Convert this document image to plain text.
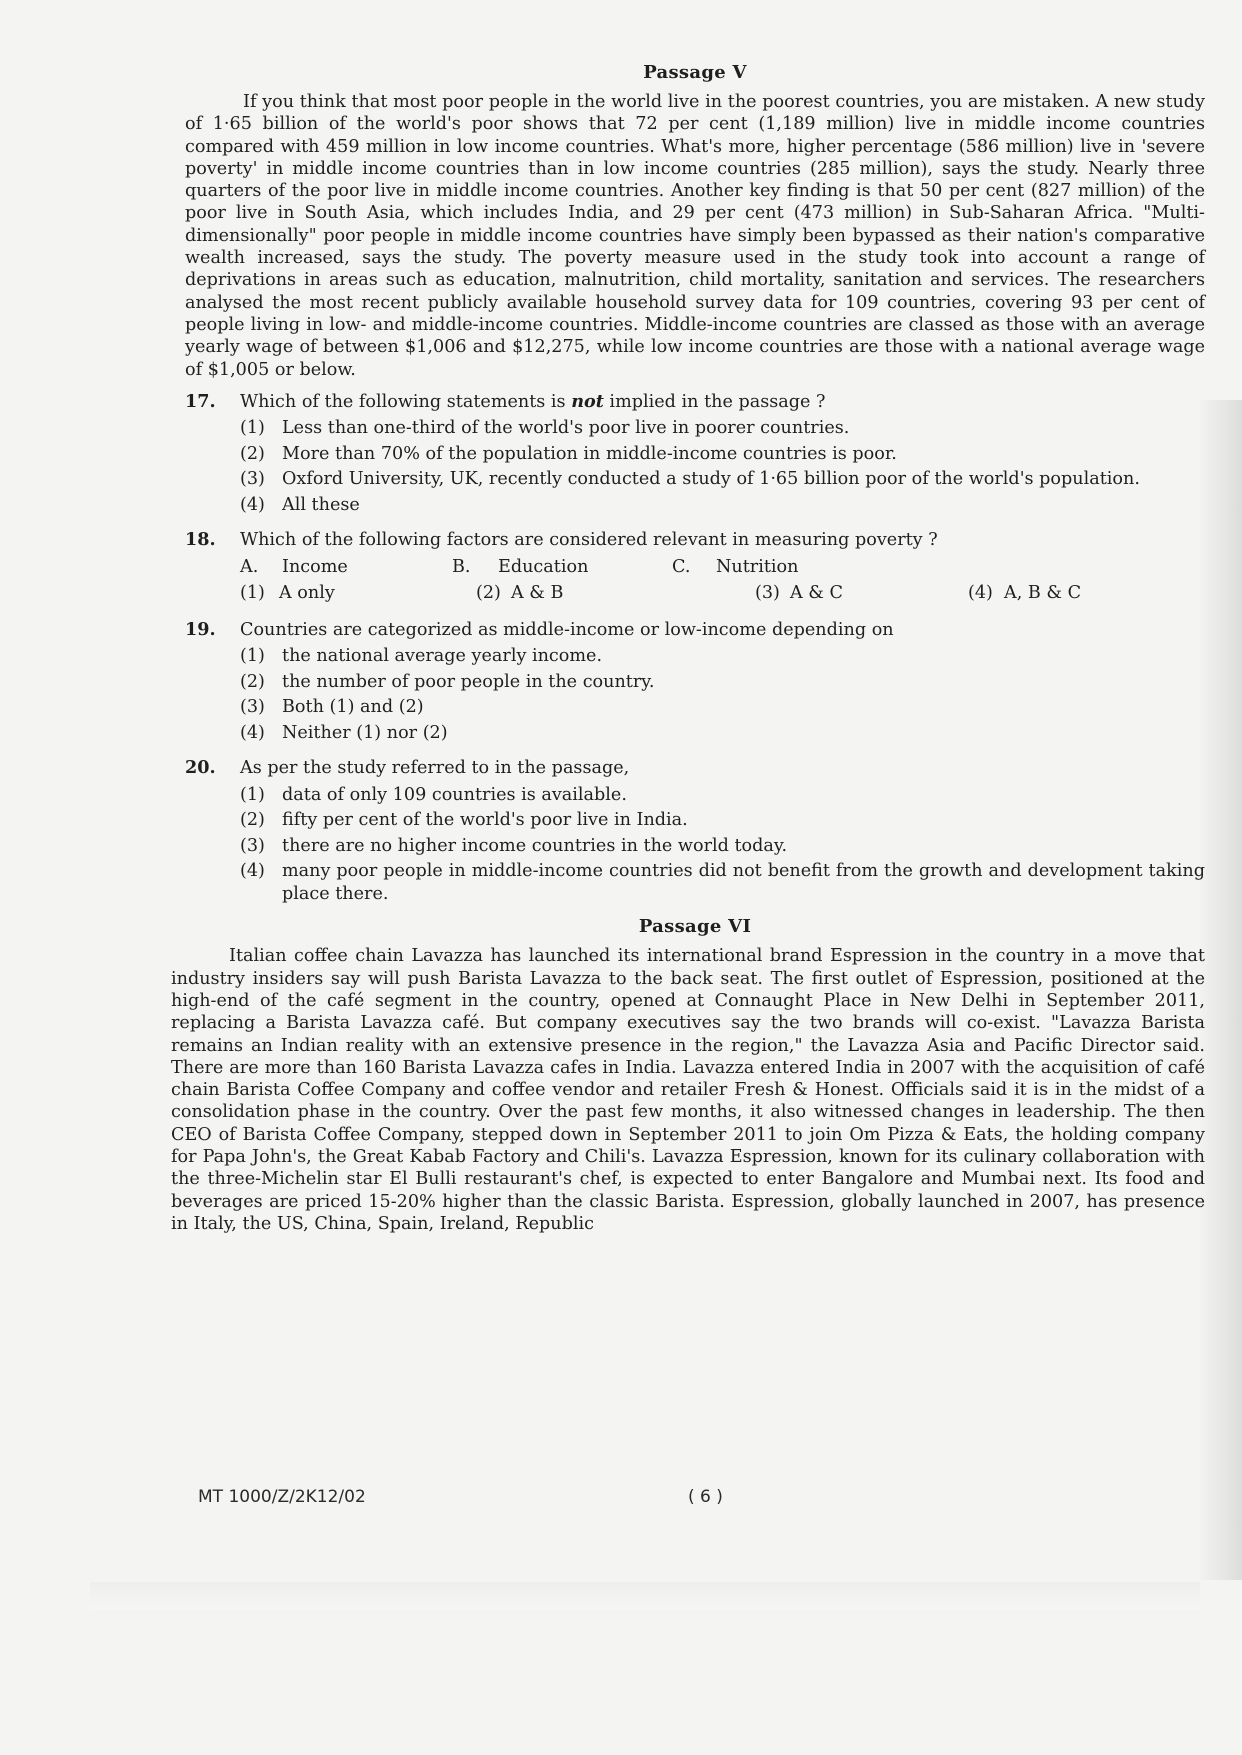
Passage V

If you think that most poor people in the world live in the poorest countries, you are mistaken. A new study of 1·65 billion of the world's poor shows that 72 per cent (1,189 million) live in middle income countries compared with 459 million in low income countries. What's more, higher percentage (586 million) live in 'severe poverty' in middle income countries than in low income countries (285 million), says the study. Nearly three quarters of the poor live in middle income countries. Another key finding is that 50 per cent (827 million) of the poor live in South Asia, which includes India, and 29 per cent (473 million) in Sub-Saharan Africa. "Multi-dimensionally" poor people in middle income countries have simply been bypassed as their nation's comparative wealth increased, says the study. The poverty measure used in the study took into account a range of deprivations in areas such as education, malnutrition, child mortality, sanitation and services. The researchers analysed the most recent publicly available household survey data for 109 countries, covering 93 per cent of people living in low- and middle-income countries. Middle-income countries are classed as those with an average yearly wage of between $1,006 and $12,275, while low income countries are those with a national average wage of $1,005 or below.

17.	Which of the following statements is not implied in the passage ?
(1) Less than one-third of the world's poor live in poorer countries.
(2) More than 70% of the population in middle-income countries is poor.
(3) Oxford University, UK, recently conducted a study of 1·65 billion poor of the world's population.
(4) All these
18.	Which of the following factors are considered relevant in measuring poverty ?
A.	Income	B.	Education	C.	Nutrition
(1) A only	(2) A & B	(3) A & C	(4) A, B & C
19.	Countries are categorized as middle-income or low-income depending on
(1) the national average yearly income.
(2) the number of poor people in the country.
(3) Both (1) and (2)
(4) Neither (1) nor (2)
20.	As per the study referred to in the passage,
(1) data of only 109 countries is available.
(2) fifty per cent of the world's poor live in India.
(3) there are no higher income countries in the world today.
(4) many poor people in middle-income countries did not benefit from the growth and development taking place there.
Passage VI

Italian coffee chain Lavazza has launched its international brand Espression in the country in a move that industry insiders say will push Barista Lavazza to the back seat. The first outlet of Espression, positioned at the high-end of the café segment in the country, opened at Connaught Place in New Delhi in September 2011, replacing a Barista Lavazza café. But company executives say the two brands will co-exist. "Lavazza Barista remains an Indian reality with an extensive presence in the region," the Lavazza Asia and Pacific Director said. There are more than 160 Barista Lavazza cafes in India. Lavazza entered India in 2007 with the acquisition of café chain Barista Coffee Company and coffee vendor and retailer Fresh & Honest. Officials said it is in the midst of a consolidation phase in the country. Over the past few months, it also witnessed changes in leadership. The then CEO of Barista Coffee Company, stepped down in September 2011 to join Om Pizza & Eats, the holding company for Papa John's, the Great Kabab Factory and Chili's. Lavazza Espression, known for its culinary collaboration with the three-Michelin star El Bulli restaurant's chef, is expected to enter Bangalore and Mumbai next. Its food and beverages are priced 15-20% higher than the classic Barista. Espression, globally launched in 2007, has presence in Italy, the US, China, Spain, Ireland, Republic

MT 1000/Z/2K12/02	( 6 )
